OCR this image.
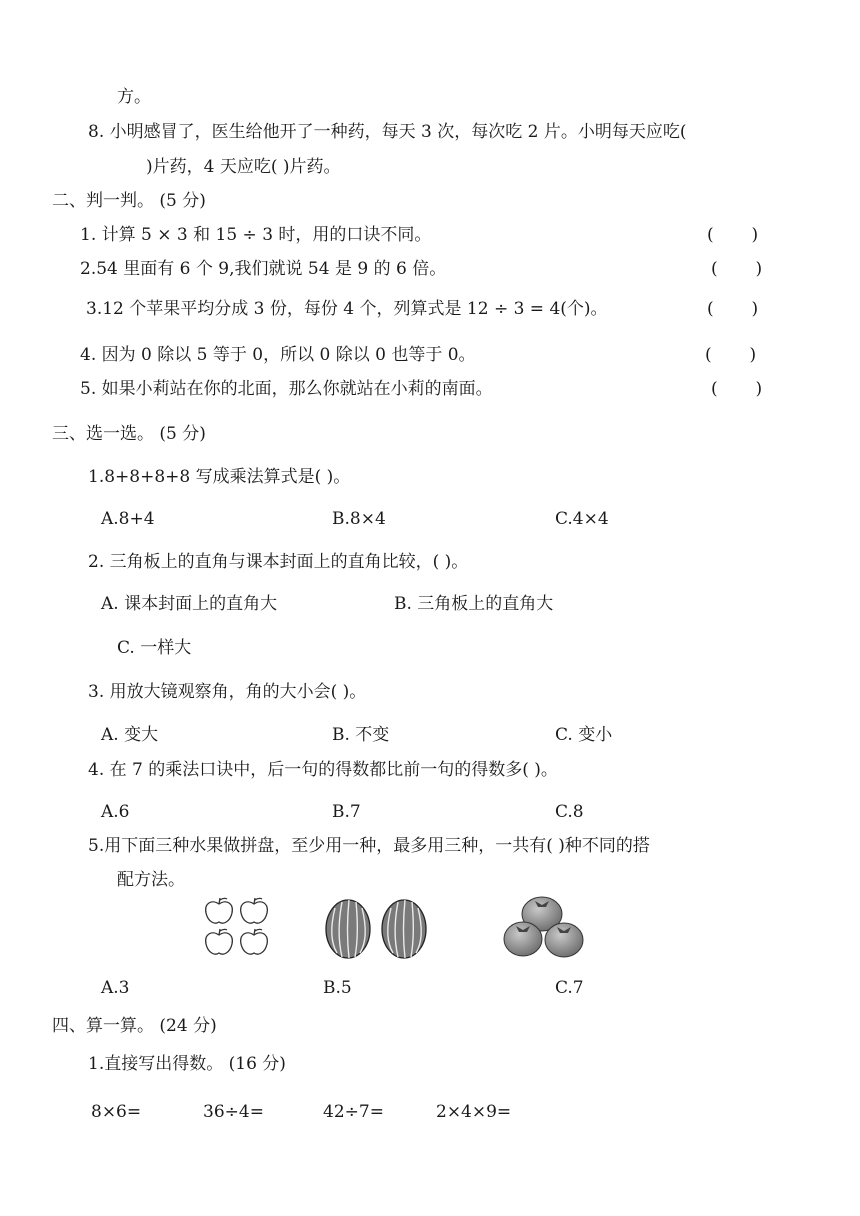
方。
8. 小明感冒了，医生给他开了一种药，每天 3 次，每次吃 2 片。小明每天应吃(
)片药，4 天应吃( )片药。
二、判一判。 (5 分)
1. 计算 5 × 3 和 15 ÷ 3 时，用的口诀不同。	(       )
2.54 里面有 6 个 9,我们就说 54 是 9 的 6 倍。	(       )
3.12 个苹果平均分成 3 份，每份 4 个，列算式是 12 ÷ 3 = 4(个)。	(       )
4. 因为 0 除以 5 等于 0，所以 0 除以 0 也等于 0。	(       )
5. 如果小莉站在你的北面，那么你就站在小莉的南面。	(       )
三、选一选。 (5 分)
1.8+8+8+8 写成乘法算式是( )。
A.8+4	B.8×4	C.4×4
2. 三角板上的直角与课本封面上的直角比较，( )。
A. 课本封面上的直角大	B. 三角板上的直角大
C. 一样大
3. 用放大镜观察角，角的大小会( )。
A. 变大	B. 不变	C. 变小
4. 在 7 的乘法口诀中，后一句的得数都比前一句的得数多( )。
A.6	B.7	C.8
5.用下面三种水果做拼盘，至少用一种，最多用三种，一共有( )种不同的搭
配方法。
A.3	B.5	C.7
四、算一算。 (24 分)
1.直接写出得数。 (16 分)
8×6=	36÷4=	42÷7=	2×4×9=
